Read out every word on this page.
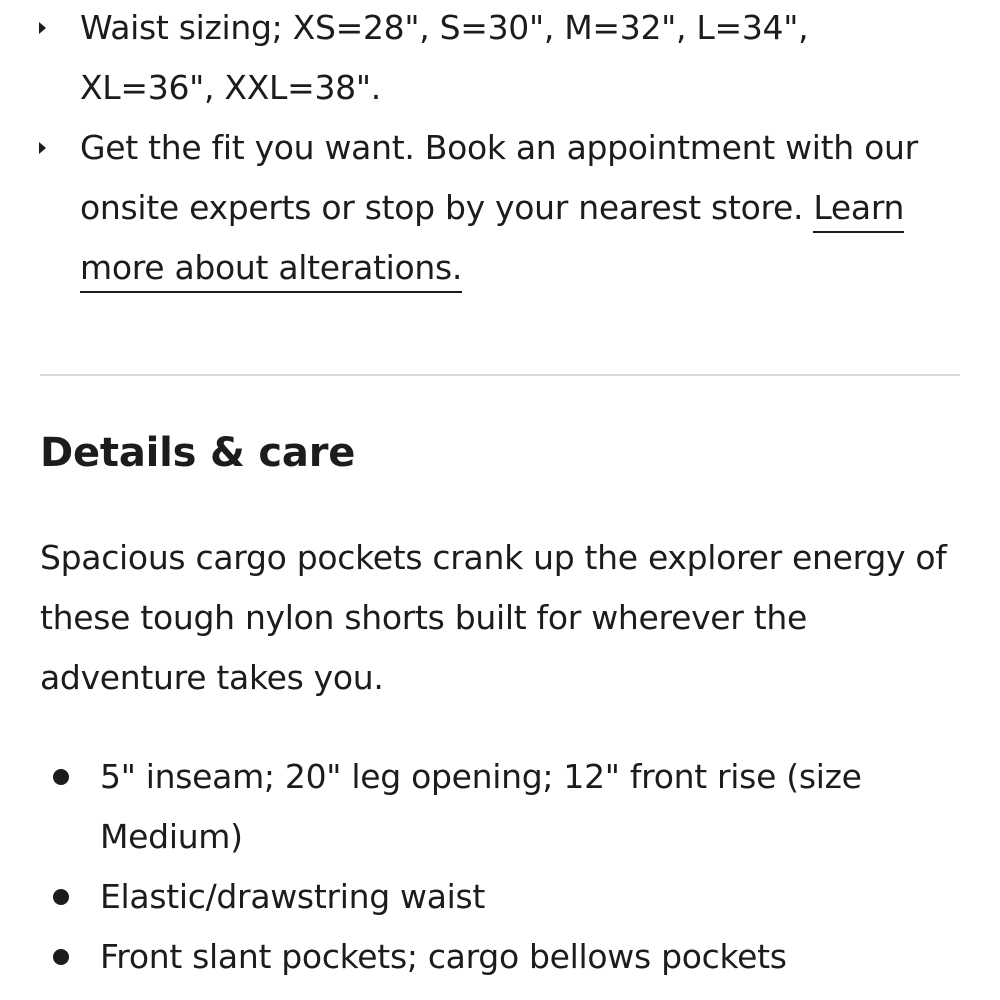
Waist sizing; XS=28", S=30", M=32", L=34", XL=36", XXL=38".
Get the fit you want. Book an appointment with our onsite experts or stop by your nearest store. Learn more about alterations.
Details & care

Spacious cargo pockets crank up the explorer energy of these tough nylon shorts built for wherever the adventure takes you.

5" inseam; 20" leg opening; 12" front rise (size Medium)
Elastic/drawstring waist
Front slant pockets; cargo bellows pockets
